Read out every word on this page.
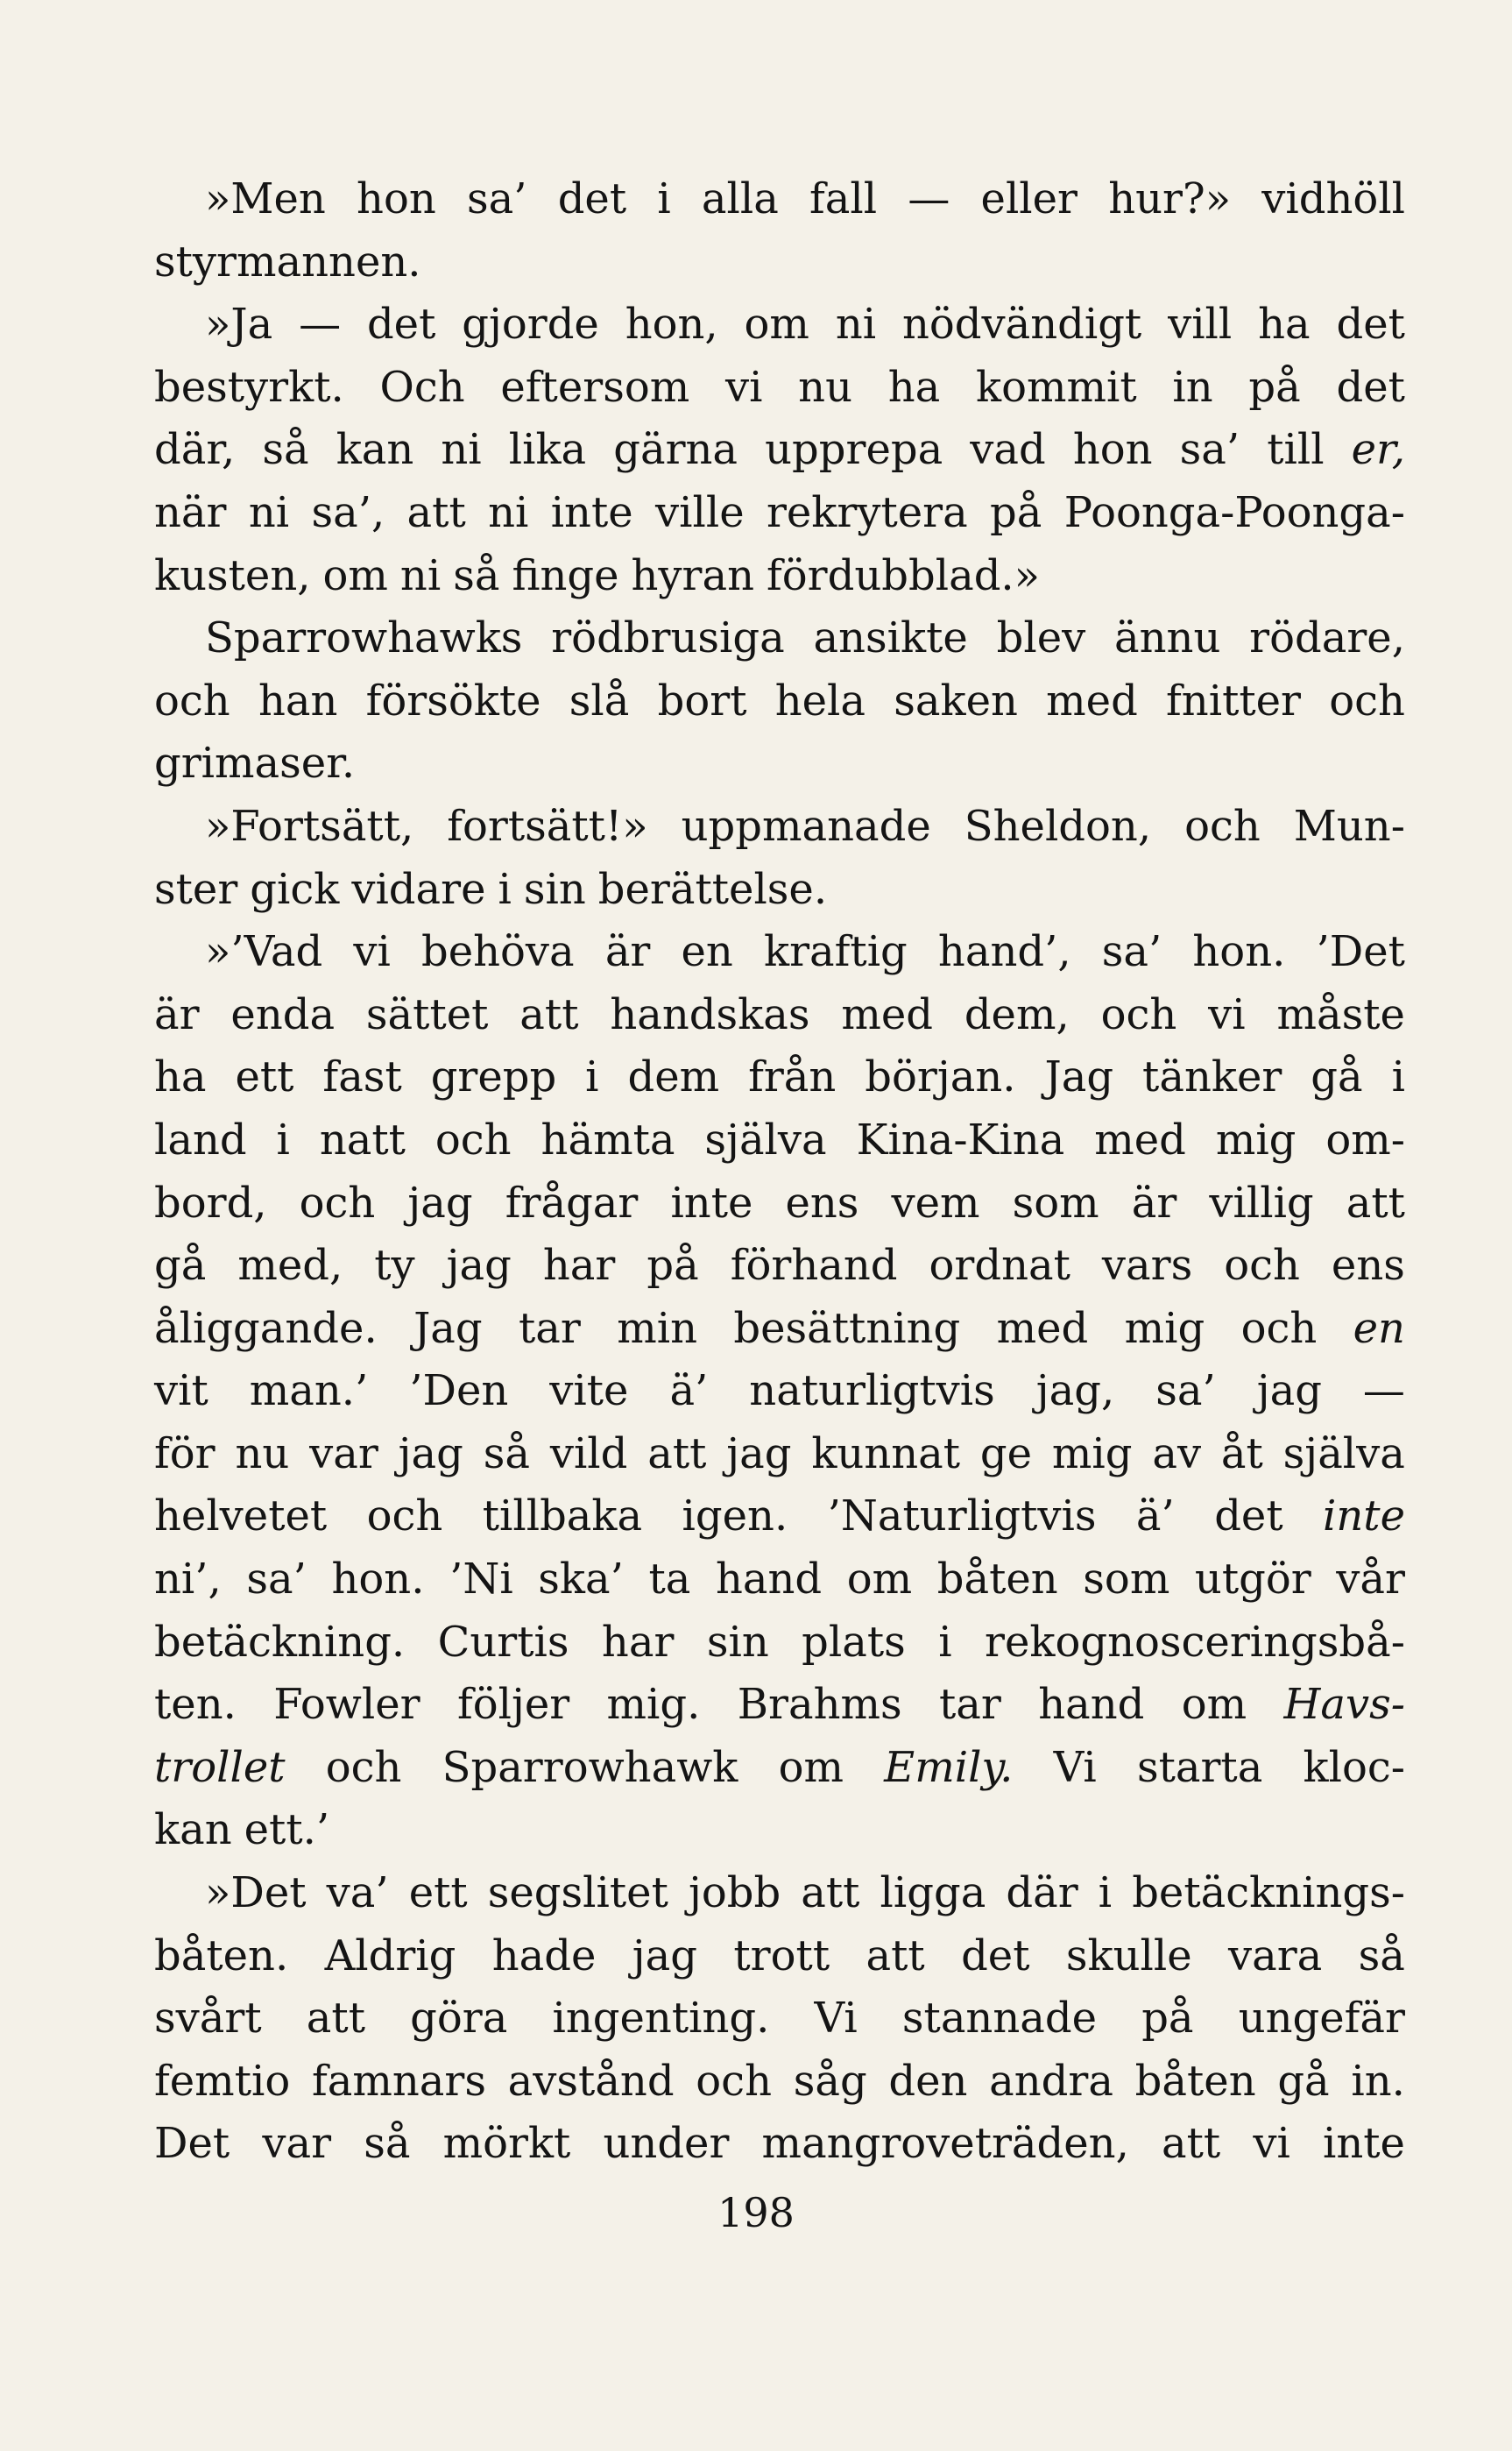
»Men hon sa’ det i alla fall — eller hur?» vidhöll
styrmannen.
»Ja — det gjorde hon, om ni nödvändigt vill ha det
bestyrkt. Och eftersom vi nu ha kommit in på det
där, så kan ni lika gärna upprepa vad hon sa’ till er,
när ni sa’, att ni inte ville rekrytera på Poonga-Poonga-
kusten, om ni så finge hyran fördubblad.»
Sparrowhawks rödbrusiga ansikte blev ännu rödare,
och han försökte slå bort hela saken med fnitter och
grimaser.
»Fortsätt, fortsätt!» uppmanade Sheldon, och Mun-
ster gick vidare i sin berättelse.
»’Vad vi behöva är en kraftig hand’, sa’ hon. ’Det
är enda sättet att handskas med dem, och vi måste
ha ett fast grepp i dem från början. Jag tänker gå i
land i natt och hämta själva Kina-Kina med mig om-
bord, och jag frågar inte ens vem som är villig att
gå med, ty jag har på förhand ordnat vars och ens
åliggande. Jag tar min besättning med mig och en
vit man.’ ’Den vite ä’ naturligtvis jag, sa’ jag —
för nu var jag så vild att jag kunnat ge mig av åt själva
helvetet och tillbaka igen. ’Naturligtvis ä’ det inte
ni’, sa’ hon. ’Ni ska’ ta hand om båten som utgör vår
betäckning. Curtis har sin plats i rekognosceringsbå-
ten. Fowler följer mig. Brahms tar hand om Havs-
trollet och Sparrowhawk om Emily. Vi starta kloc-
kan ett.’
»Det va’ ett segslitet jobb att ligga där i betäcknings-
båten. Aldrig hade jag trott att det skulle vara så
svårt att göra ingenting. Vi stannade på ungefär
femtio famnars avstånd och såg den andra båten gå in.
Det var så mörkt under mangroveträden, att vi inte
198
